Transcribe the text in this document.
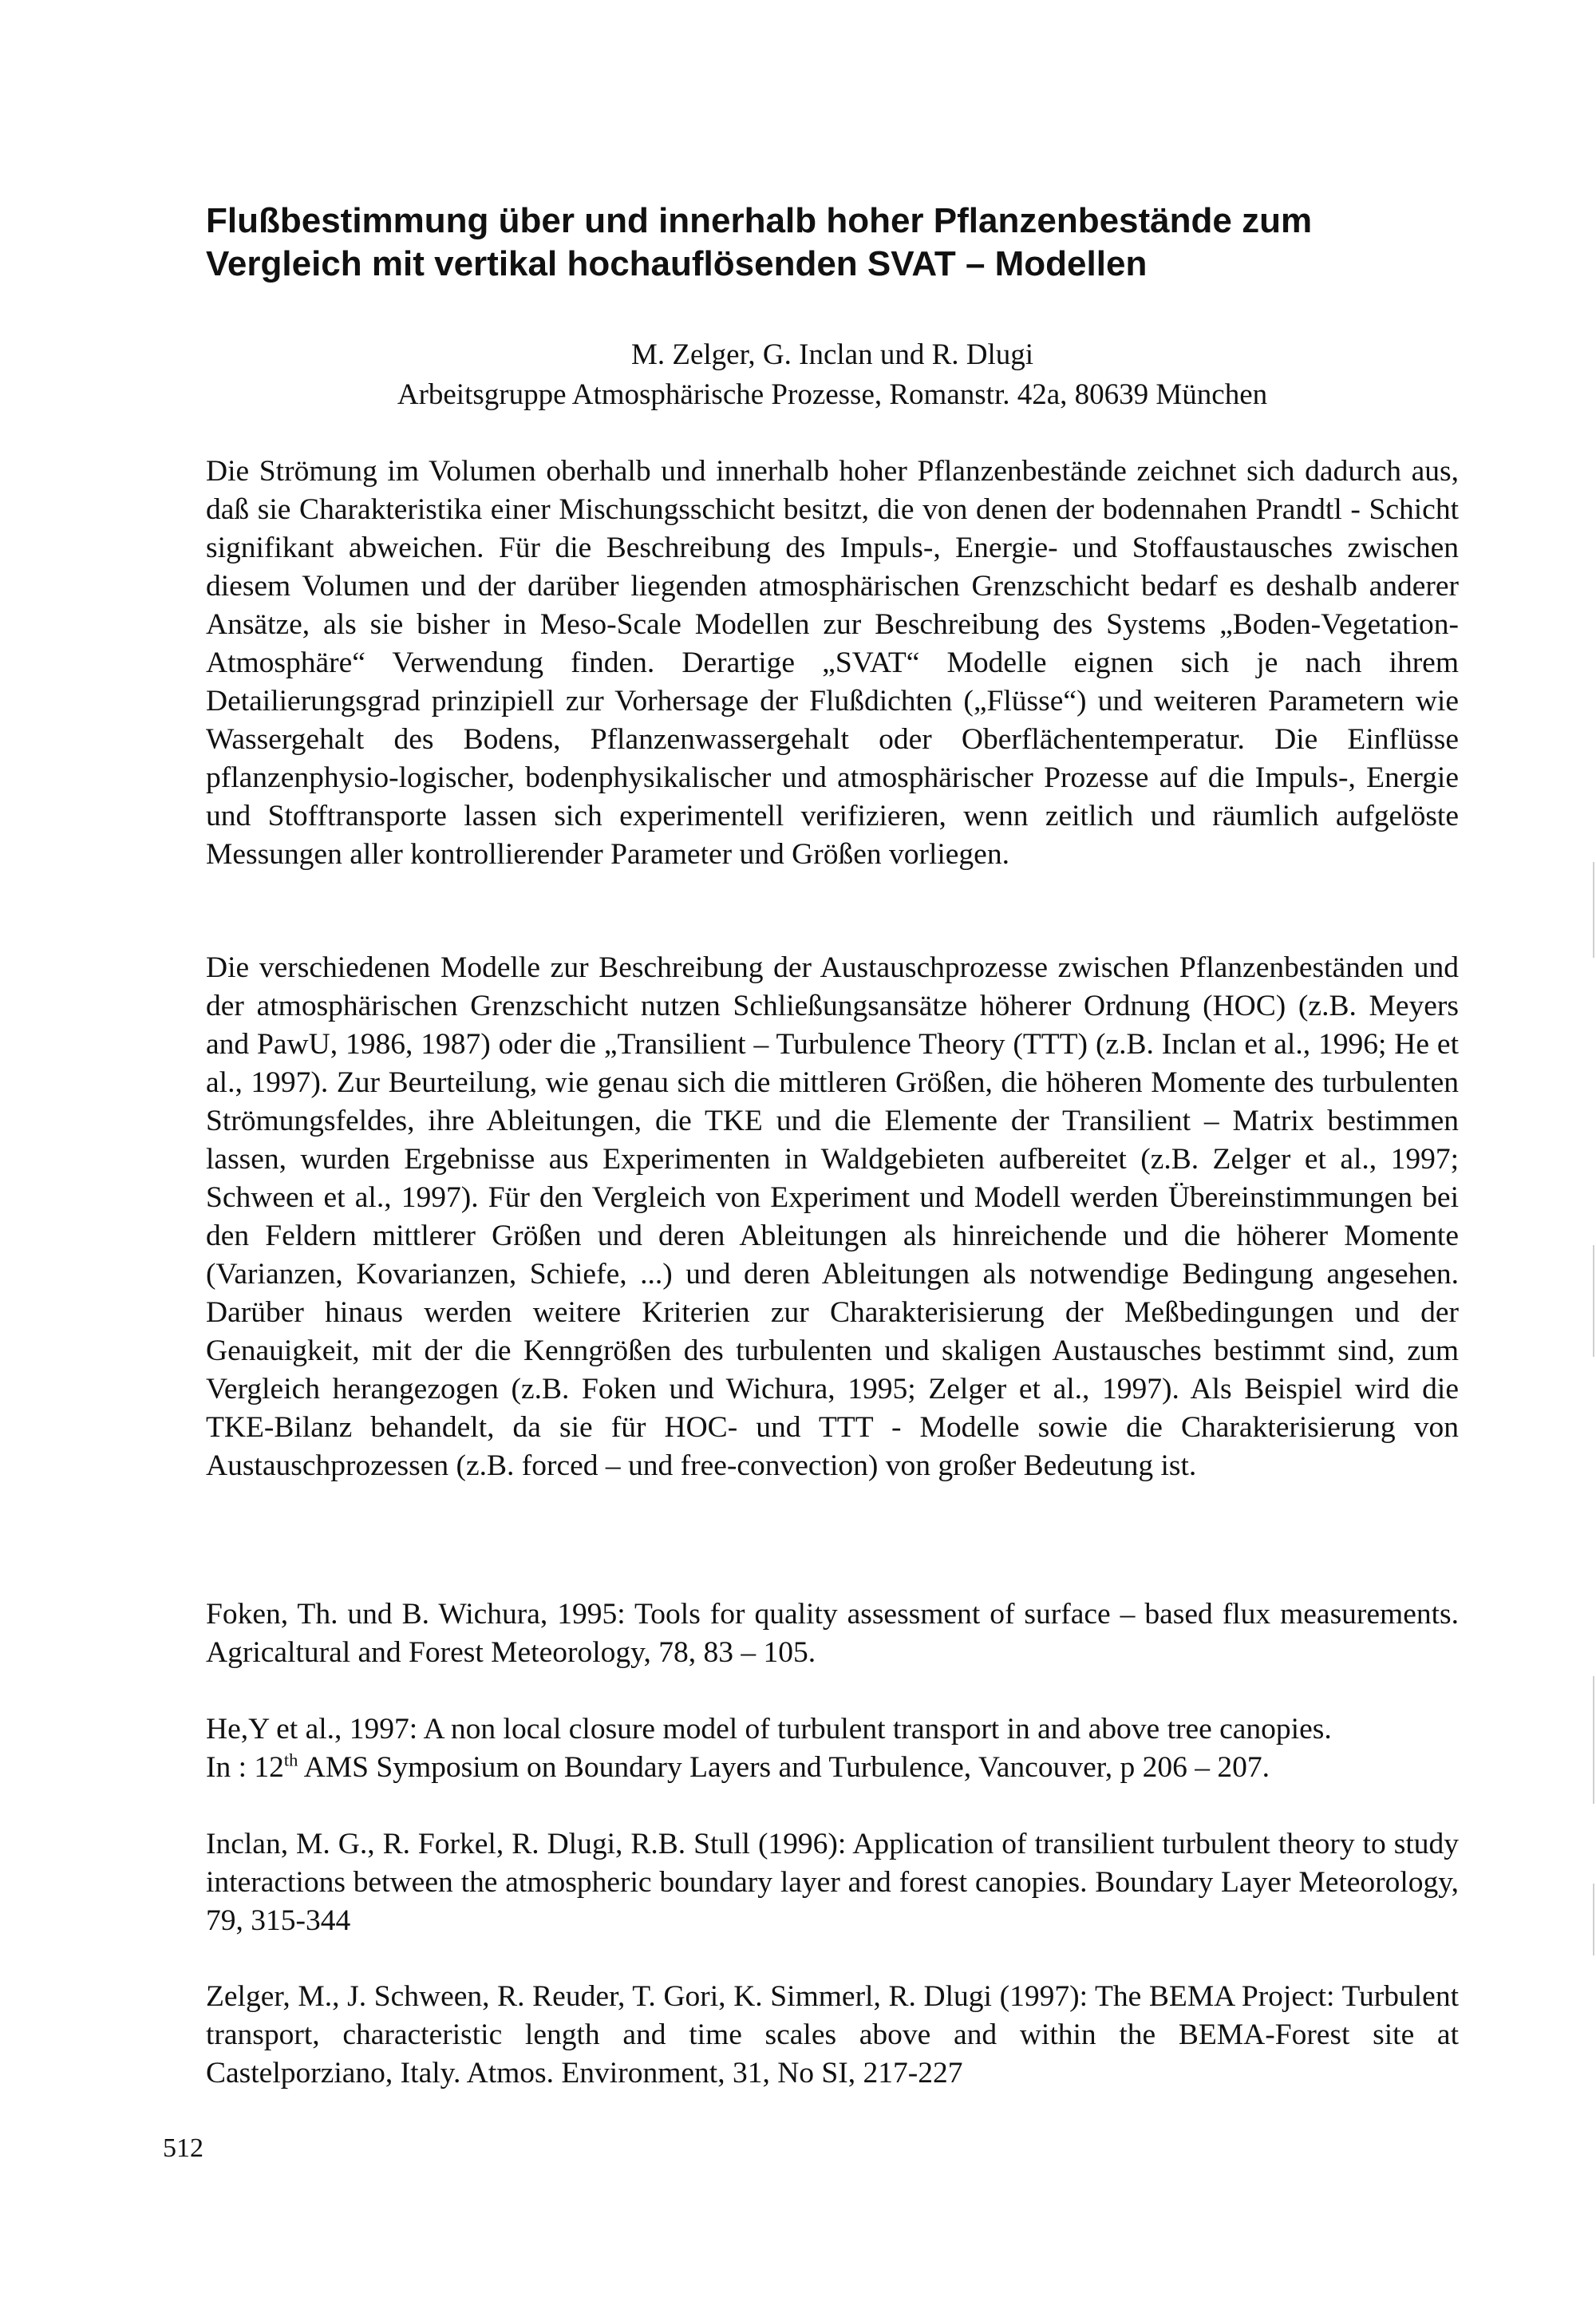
Flußbestimmung über und innerhalb hoher Pflanzenbestände zum
Vergleich mit vertikal hochauflösenden SVAT – Modellen
M. Zelger, G. Inclan und R. Dlugi
Arbeitsgruppe Atmosphärische Prozesse, Romanstr. 42a, 80639 München

Die Strömung im Volumen oberhalb und innerhalb hoher Pflanzenbestände zeichnet sich dadurch aus, daß sie Charakteristika einer Mischungsschicht besitzt, die von denen der bodennahen Prandtl - Schicht signifikant abweichen. Für die Beschreibung des Impuls-, Energie- und Stoffaustausches zwischen diesem Volumen und der darüber liegenden atmosphärischen Grenzschicht bedarf es deshalb anderer Ansätze, als sie bisher in Meso-Scale Modellen zur Beschreibung des Systems „Boden-Vegetation-Atmosphäre“ Verwendung finden. Derartige „SVAT“ Modelle eignen sich je nach ihrem Detailierungsgrad prinzipiell zur Vorhersage der Flußdichten („Flüsse“) und weiteren Parametern wie Wassergehalt des Bodens, Pflanzenwassergehalt oder Oberflächentemperatur. Die Einflüsse pflanzenphysio-logischer, bodenphysikalischer und atmosphärischer Prozesse auf die Impuls-, Energie und Stofftransporte lassen sich experimentell verifizieren, wenn zeitlich und räumlich aufgelöste Messungen aller kontrollierender Parameter und Größen vorliegen.

Die verschiedenen Modelle zur Beschreibung der Austauschprozesse zwischen Pflanzenbeständen und der atmosphärischen Grenzschicht nutzen Schließungsansätze höherer Ordnung (HOC) (z.B. Meyers and PawU, 1986, 1987) oder die „Transilient – Turbulence Theory (TTT) (z.B. Inclan et al., 1996; He et al., 1997). Zur Beurteilung, wie genau sich die mittleren Größen, die höheren Momente des turbulenten Strömungsfeldes, ihre Ableitungen, die TKE und die Elemente der Transilient – Matrix bestimmen lassen, wurden Ergebnisse aus Experimenten in Waldgebieten aufbereitet (z.B. Zelger et al., 1997; Schween et al., 1997). Für den Vergleich von Experiment und Modell werden Übereinstimmungen bei den Feldern mittlerer Größen und deren Ableitungen als hinreichende und die höherer Momente (Varianzen, Kovarianzen, Schiefe, ...) und deren Ableitungen als notwendige Bedingung angesehen. Darüber hinaus werden weitere Kriterien zur Charakterisierung der Meßbedingungen und der Genauigkeit, mit der die Kenngrößen des turbulenten und skaligen Austausches bestimmt sind, zum Vergleich herangezogen (z.B. Foken und Wichura, 1995; Zelger et al., 1997). Als Beispiel wird die TKE-Bilanz behandelt, da sie für HOC- und TTT - Modelle sowie die Charakterisierung von Austauschprozessen (z.B. forced – und free-convection) von großer Bedeutung ist.

Foken, Th. und B. Wichura, 1995: Tools for quality assessment of surface – based flux measurements. Agricaltural and Forest Meteorology, 78, 83 – 105.

He,Y et al., 1997: A non local closure model of turbulent transport in and above tree canopies.
In : 12th AMS Symposium on Boundary Layers and Turbulence, Vancouver, p 206 – 207.

Inclan, M. G., R. Forkel, R. Dlugi, R.B. Stull (1996): Application of transilient turbulent theory to study interactions between the atmospheric boundary layer and forest canopies. Boundary Layer Meteorology, 79, 315-344

Zelger, M., J. Schween, R. Reuder, T. Gori, K. Simmerl, R. Dlugi (1997): The BEMA Project: Turbulent transport, characteristic length and time scales above and within the BEMA-Forest site at Castelporziano, Italy. Atmos. Environment, 31, No SI, 217-227

512
